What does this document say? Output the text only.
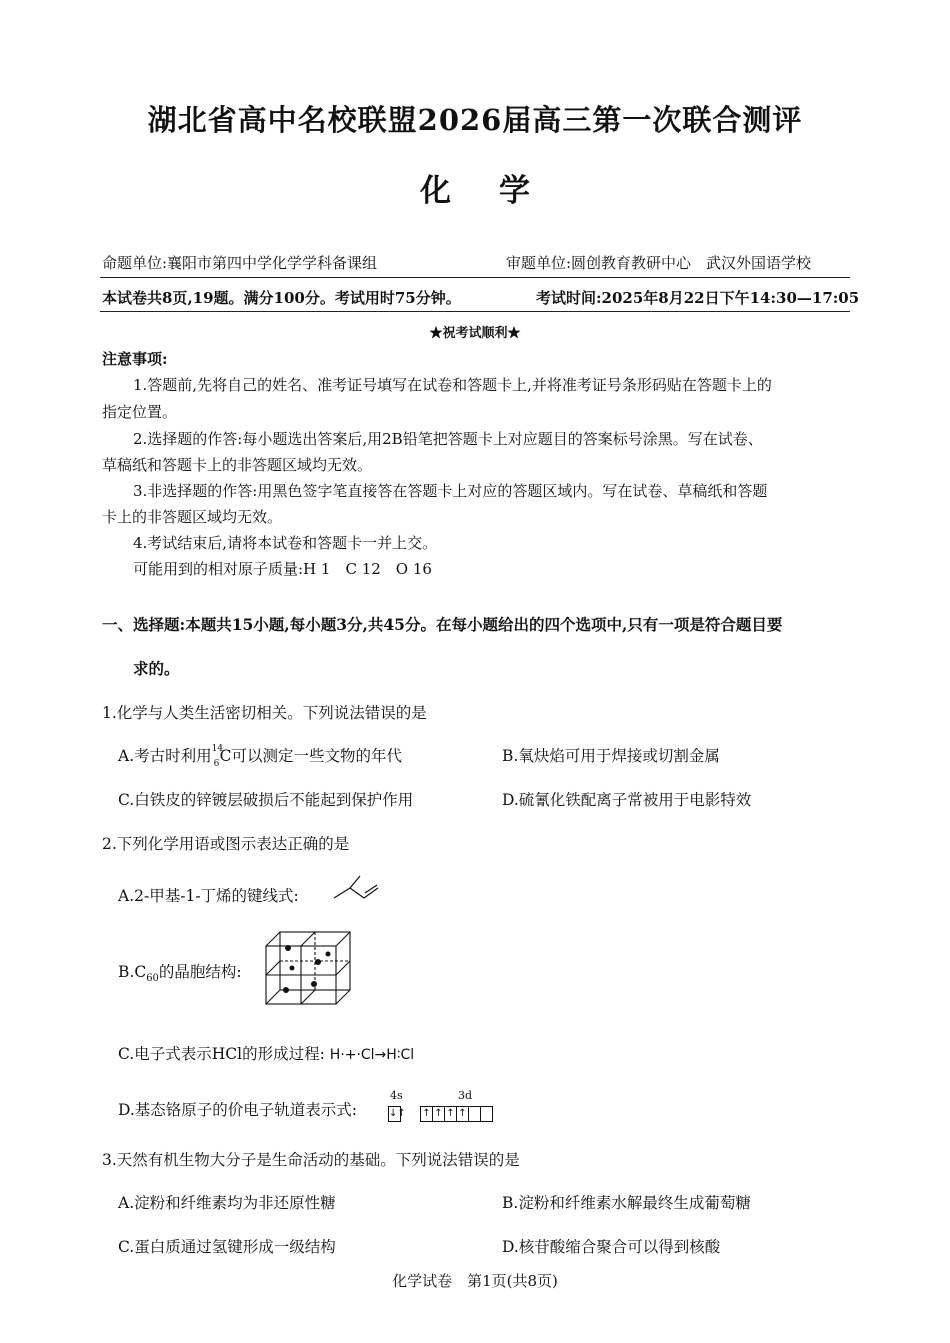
湖北省高中名校联盟2026届高三第一次联合测评
化学
命题单位:襄阳市第四中学化学学科备课组	审题单位:圆创教育教研中心　武汉外国语学校
本试卷共8页,19题。满分100分。考试用时75分钟。	考试时间:2025年8月22日下午14:30—17:05
★祝考试顺利★
注意事项:
1.答题前,先将自己的姓名、准考证号填写在试卷和答题卡上,并将准考证号条形码贴在答题卡上的
指定位置。
2.选择题的作答:每小题选出答案后,用2B铅笔把答题卡上对应题目的答案标号涂黑。写在试卷、
草稿纸和答题卡上的非答题区域均无效。
3.非选择题的作答:用黑色签字笔直接答在答题卡上对应的答题区域内。写在试卷、草稿纸和答题
卡上的非答题区域均无效。
4.考试结束后,请将本试卷和答题卡一并上交。
可能用到的相对原子质量:H 1　C 12　O 16
一、选择题:本题共15小题,每小题3分,共45分。在每小题给出的四个选项中,只有一项是符合题目要
求的。
1.化学与人类生活密切相关。下列说法错误的是
A.考古时利用 14
6 C可以测定一些文物的年代	B.氧炔焰可用于焊接或切割金属
C.白铁皮的锌镀层破损后不能起到保护作用	D.硫氰化铁配离子常被用于电影特效
2.下列化学用语或图示表达正确的是
A.2-甲基-1-丁烯的键线式:
$B.C_{60}$的晶胞结构:
C.电子式表示HCl的形成过程: H·+·Cl→H∶Cl
D.基态铬原子的价电子轨道表示式:
4s	3d
↓↑ ↑ ↑ ↑ ↑
3.天然有机生物大分子是生命活动的基础。下列说法错误的是
A.淀粉和纤维素均为非还原性糖	B.淀粉和纤维素水解最终生成葡萄糖
C.蛋白质通过氢键形成一级结构	D.核苷酸缩合聚合可以得到核酸
化学试卷　第1页(共8页)
